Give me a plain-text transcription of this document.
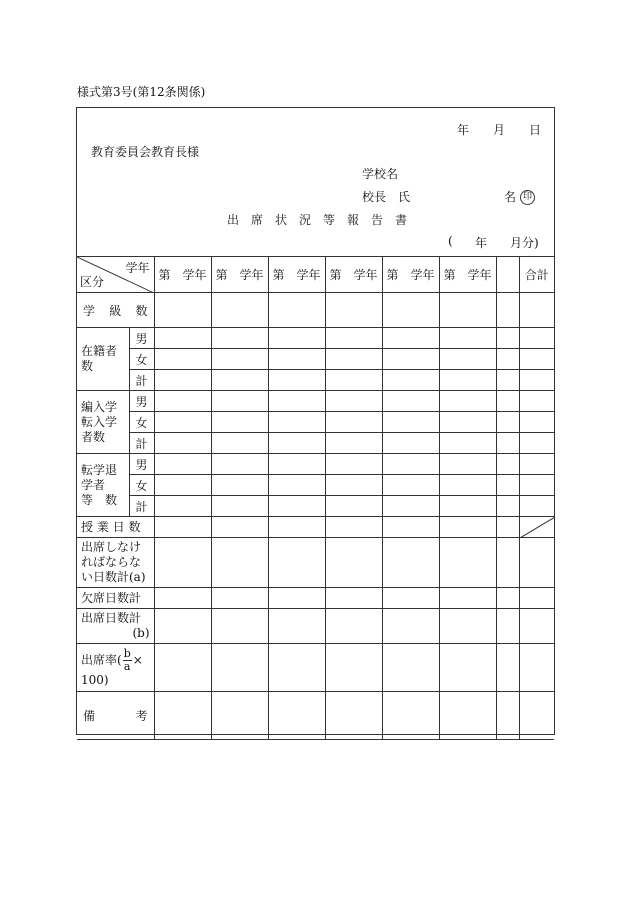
様式第3号(第12条関係)
年 月 日
教育委員会教育長様
学校名
校長　氏	名 印
出　席　状　況　等　報　告　書
( 年 月分)
学年
区分		第 学年	第 学年	第 学年	第 学年	第 学年	第 学年		合計

学 級 数									

在籍者数	男								
	女								
	計								
編入学転入学者数	男								
	女								
	計								
転学退学者　等　数	男								
	女								
	計								
授 業 日 数								

出席しなければならない日数計(a)									
欠席日数計									

出席日数計
(b)									

出席率( $\frac{b}{a}$ ×
100)									

備 考									
